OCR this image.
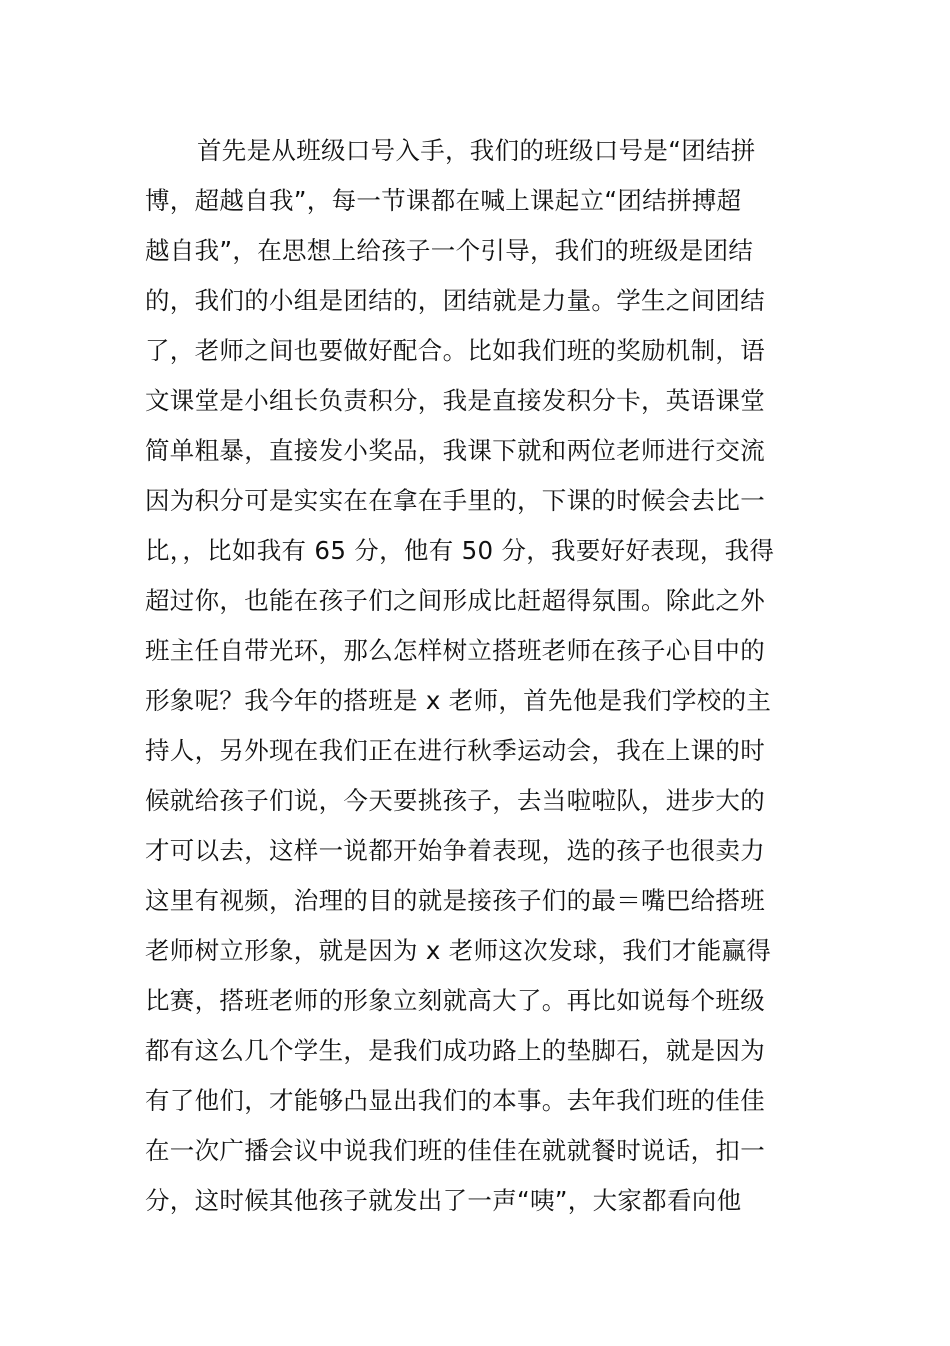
首先是从班级口号入手，我们的班级口号是“团结拼
博，超越自我”，每一节课都在喊上课起立“团结拼搏超
越自我”，在思想上给孩子一个引导，我们的班级是团结
的，我们的小组是团结的，团结就是力量。学生之间团结
了，老师之间也要做好配合。比如我们班的奖励机制，语
文课堂是小组长负责积分，我是直接发积分卡，英语课堂
简单粗暴，直接发小奖品，我课下就和两位老师进行交流
因为积分可是实实在在拿在手里的，下课的时候会去比一
比，，比如我有 65 分，他有 50 分，我要好好表现，我得
超过你，也能在孩子们之间形成比赶超得氛围。除此之外
班主任自带光环，那么怎样树立搭班老师在孩子心目中的
形象呢？我今年的搭班是 x 老师，首先他是我们学校的主
持人，另外现在我们正在进行秋季运动会，我在上课的时
候就给孩子们说，今天要挑孩子，去当啦啦队，进步大的
才可以去，这样一说都开始争着表现，选的孩子也很卖力
这里有视频，治理的目的就是接孩子们的最＝嘴巴给搭班
老师树立形象，就是因为 x 老师这次发球，我们才能赢得
比赛，搭班老师的形象立刻就高大了。再比如说每个班级
都有这么几个学生，是我们成功路上的垫脚石，就是因为
有了他们，才能够凸显出我们的本事。去年我们班的佳佳
在一次广播会议中说我们班的佳佳在就就餐时说话，扣一
分，这时候其他孩子就发出了一声“咦”，大家都看向他
